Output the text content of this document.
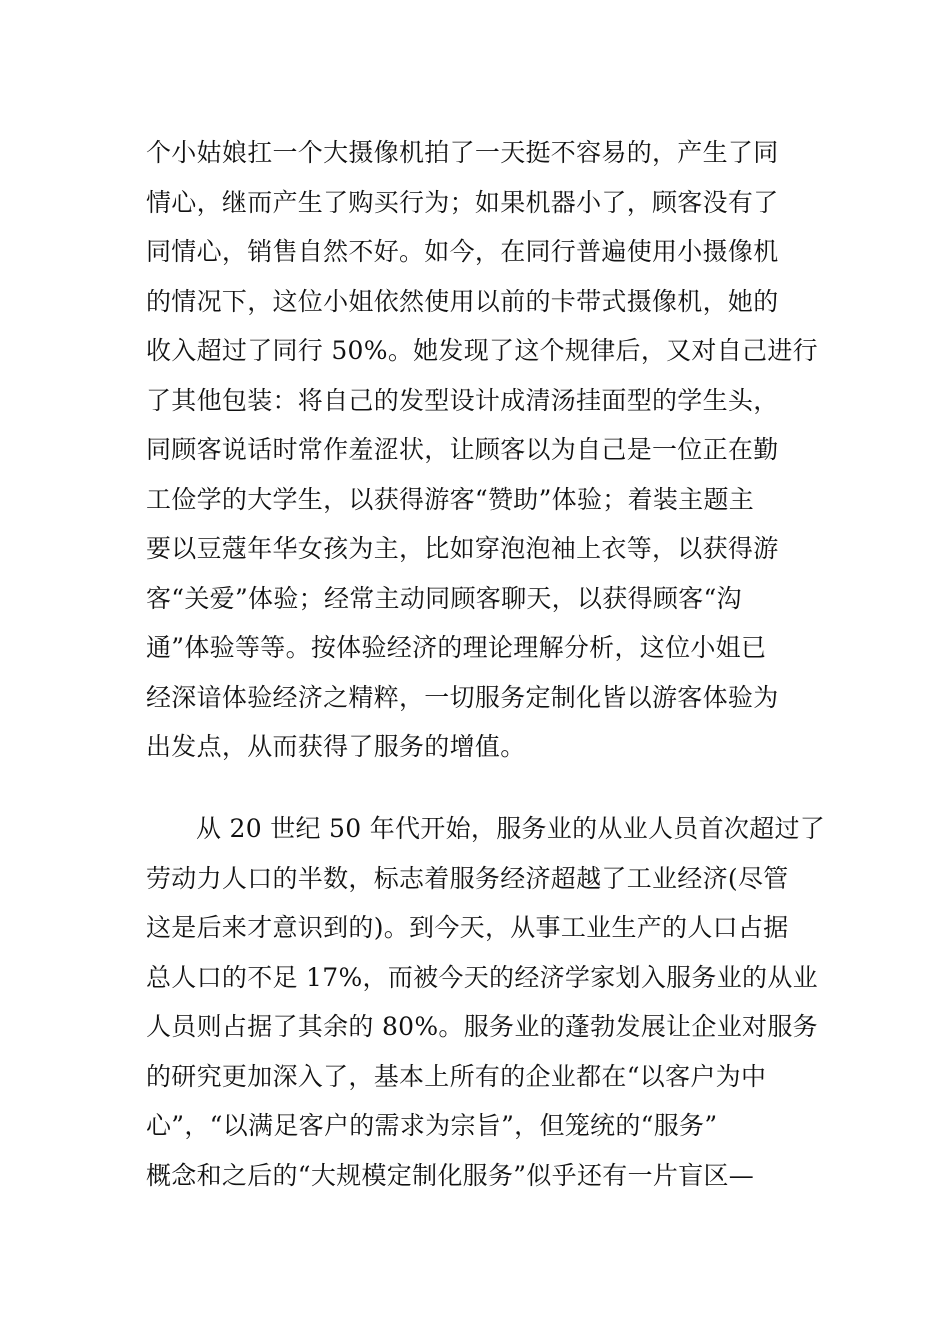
个小姑娘扛一个大摄像机拍了一天挺不容易的，产生了同
情心，继而产生了购买行为；如果机器小了，顾客没有了
同情心，销售自然不好。如今，在同行普遍使用小摄像机
的情况下，这位小姐依然使用以前的卡带式摄像机，她的
收入超过了同行 50%。她发现了这个规律后，又对自己进行
了其他包装：将自己的发型设计成清汤挂面型的学生头，
同顾客说话时常作羞涩状，让顾客以为自己是一位正在勤
工俭学的大学生，以获得游客“赞助”体验；着装主题主
要以豆蔻年华女孩为主，比如穿泡泡袖上衣等，以获得游
客“关爱”体验；经常主动同顾客聊天，以获得顾客“沟
通”体验等等。按体验经济的理论理解分析，这位小姐已
经深谙体验经济之精粹，一切服务定制化皆以游客体验为
出发点，从而获得了服务的增值。
从 20 世纪 50 年代开始，服务业的从业人员首次超过了
劳动力人口的半数，标志着服务经济超越了工业经济(尽管
这是后来才意识到的)。到今天，从事工业生产的人口占据
总人口的不足 17%，而被今天的经济学家划入服务业的从业
人员则占据了其余的 80%。服务业的蓬勃发展让企业对服务
的研究更加深入了，基本上所有的企业都在“以客户为中
心”，“以满足客户的需求为宗旨”，但笼统的“服务”
概念和之后的“大规模定制化服务”似乎还有一片盲区—
